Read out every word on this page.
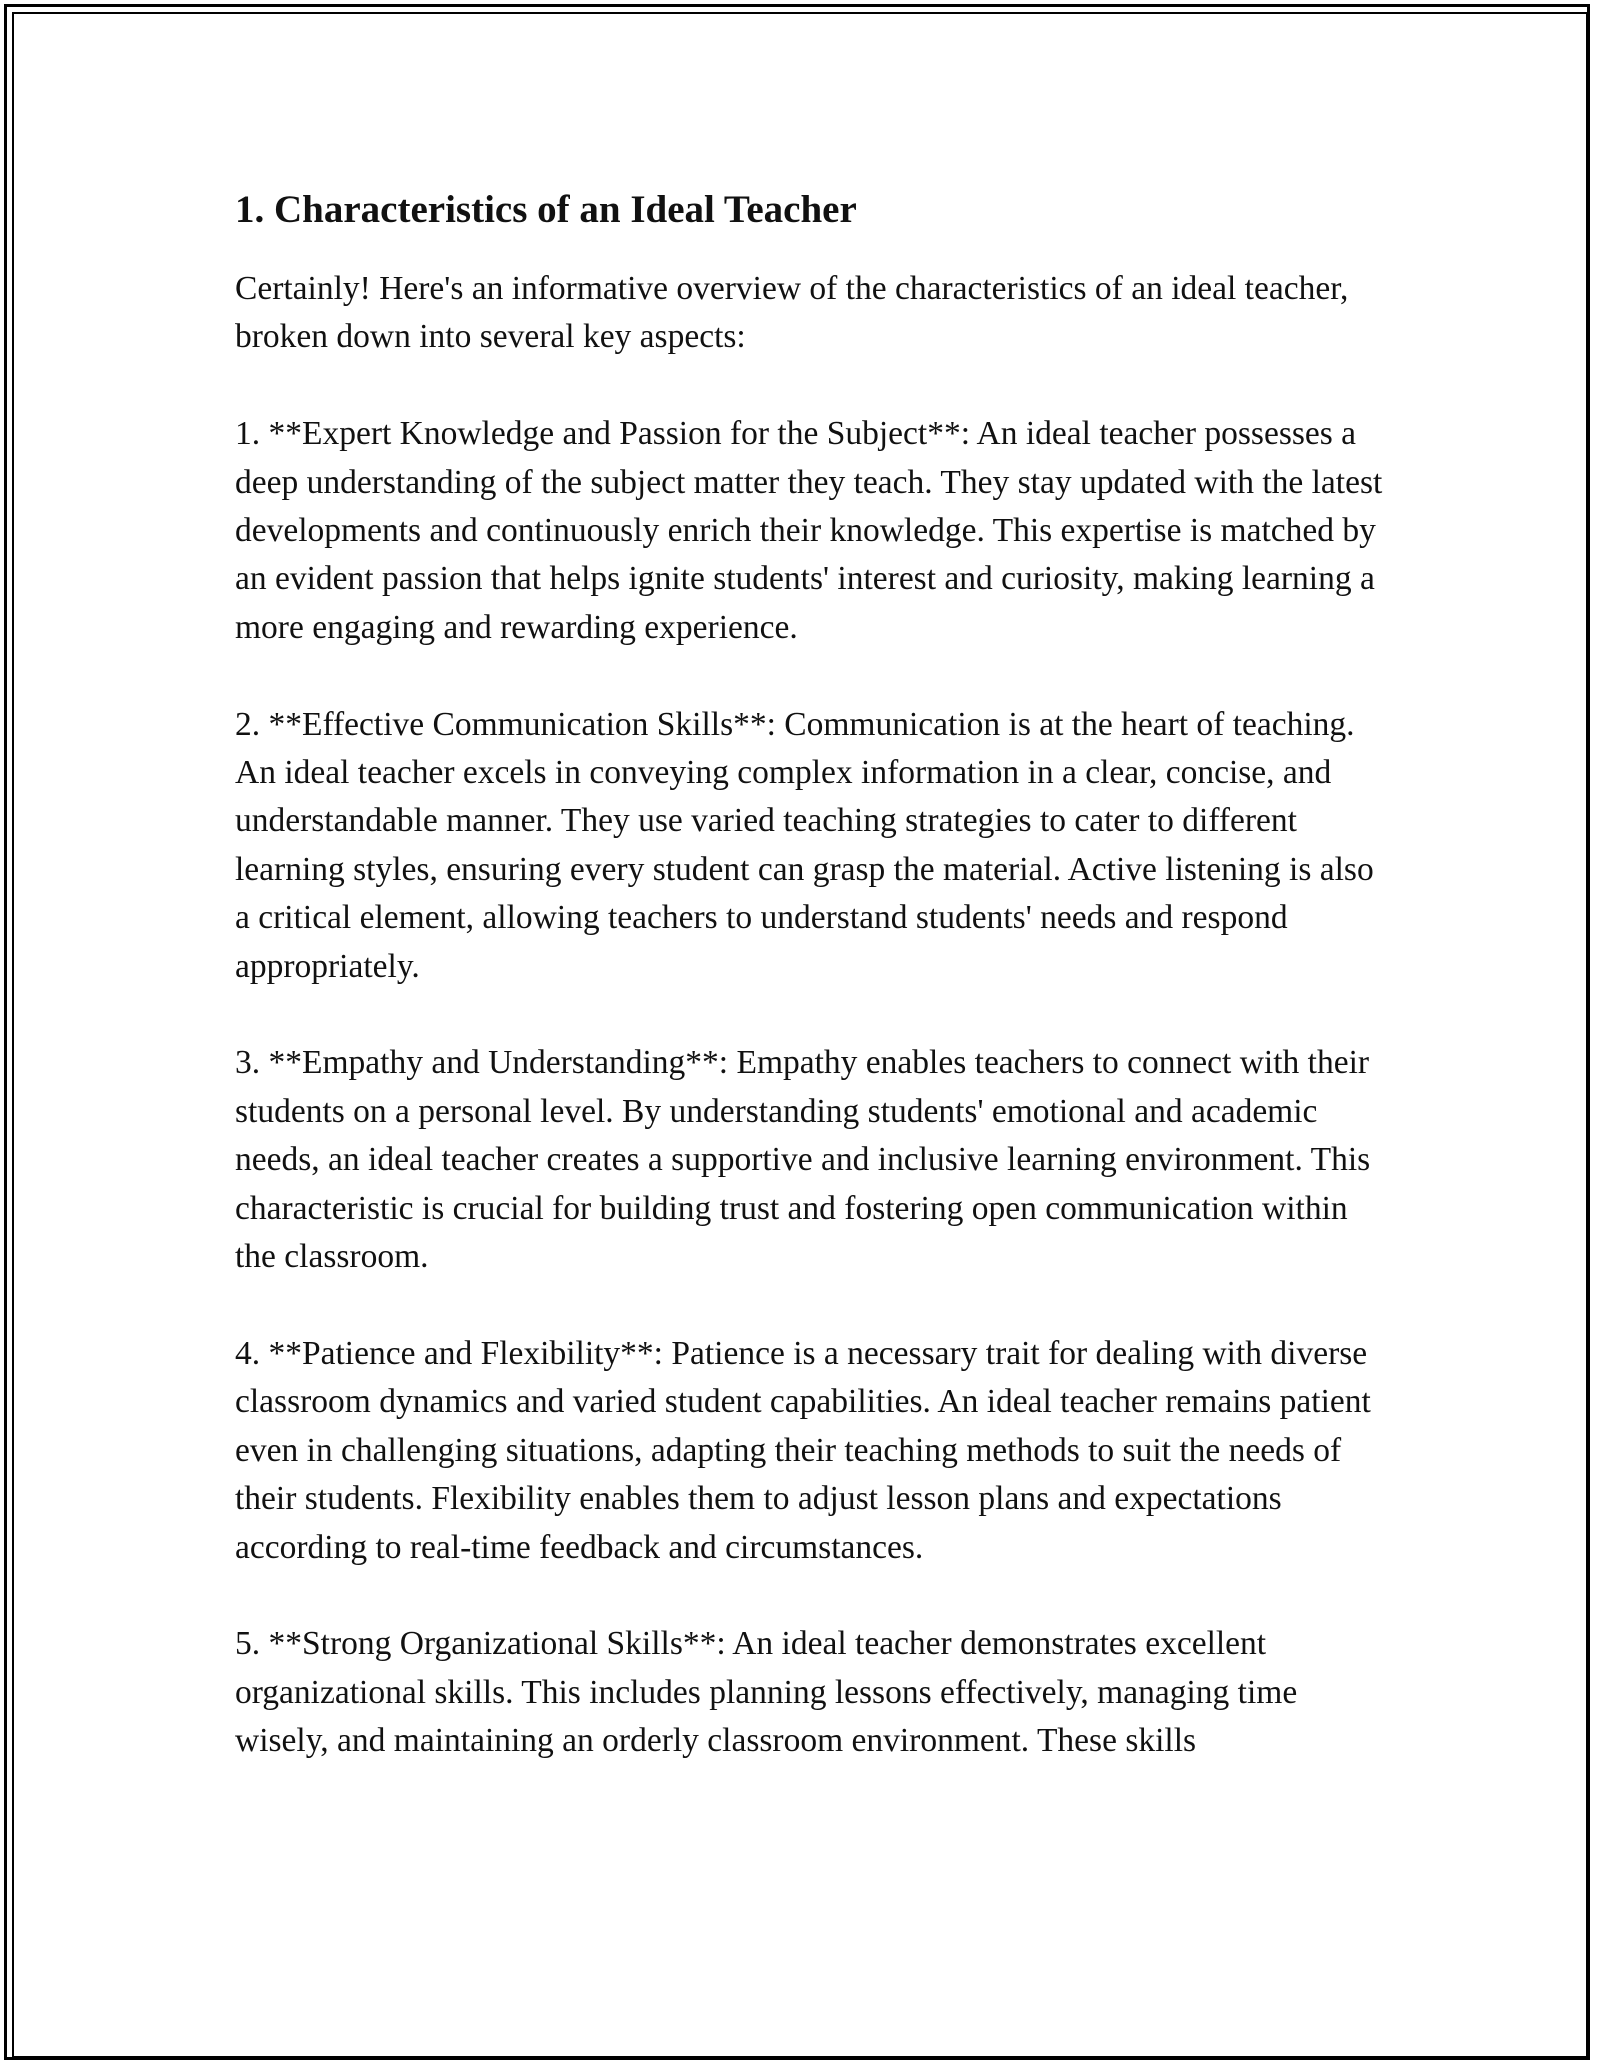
1. Characteristics of an Ideal Teacher

Certainly! Here's an informative overview of the characteristics of an ideal teacher, broken down into several key aspects:

1. **Expert Knowledge and Passion for the Subject**: An ideal teacher possesses a deep understanding of the subject matter they teach. They stay updated with the latest developments and continuously enrich their knowledge. This expertise is matched by an evident passion that helps ignite students' interest and curiosity, making learning a more engaging and rewarding experience.

2. **Effective Communication Skills**: Communication is at the heart of teaching. An ideal teacher excels in conveying complex information in a clear, concise, and understandable manner. They use varied teaching strategies to cater to different learning styles, ensuring every student can grasp the material. Active listening is also a critical element, allowing teachers to understand students' needs and respond appropriately.

3. **Empathy and Understanding**: Empathy enables teachers to connect with their students on a personal level. By understanding students' emotional and academic needs, an ideal teacher creates a supportive and inclusive learning environment. This characteristic is crucial for building trust and fostering open communication within the classroom.

4. **Patience and Flexibility**: Patience is a necessary trait for dealing with diverse classroom dynamics and varied student capabilities. An ideal teacher remains patient even in challenging situations, adapting their teaching methods to suit the needs of their students. Flexibility enables them to adjust lesson plans and expectations according to real-time feedback and circumstances.

5. **Strong Organizational Skills**: An ideal teacher demonstrates excellent organizational skills. This includes planning lessons effectively, managing time wisely, and maintaining an orderly classroom environment. These skills
